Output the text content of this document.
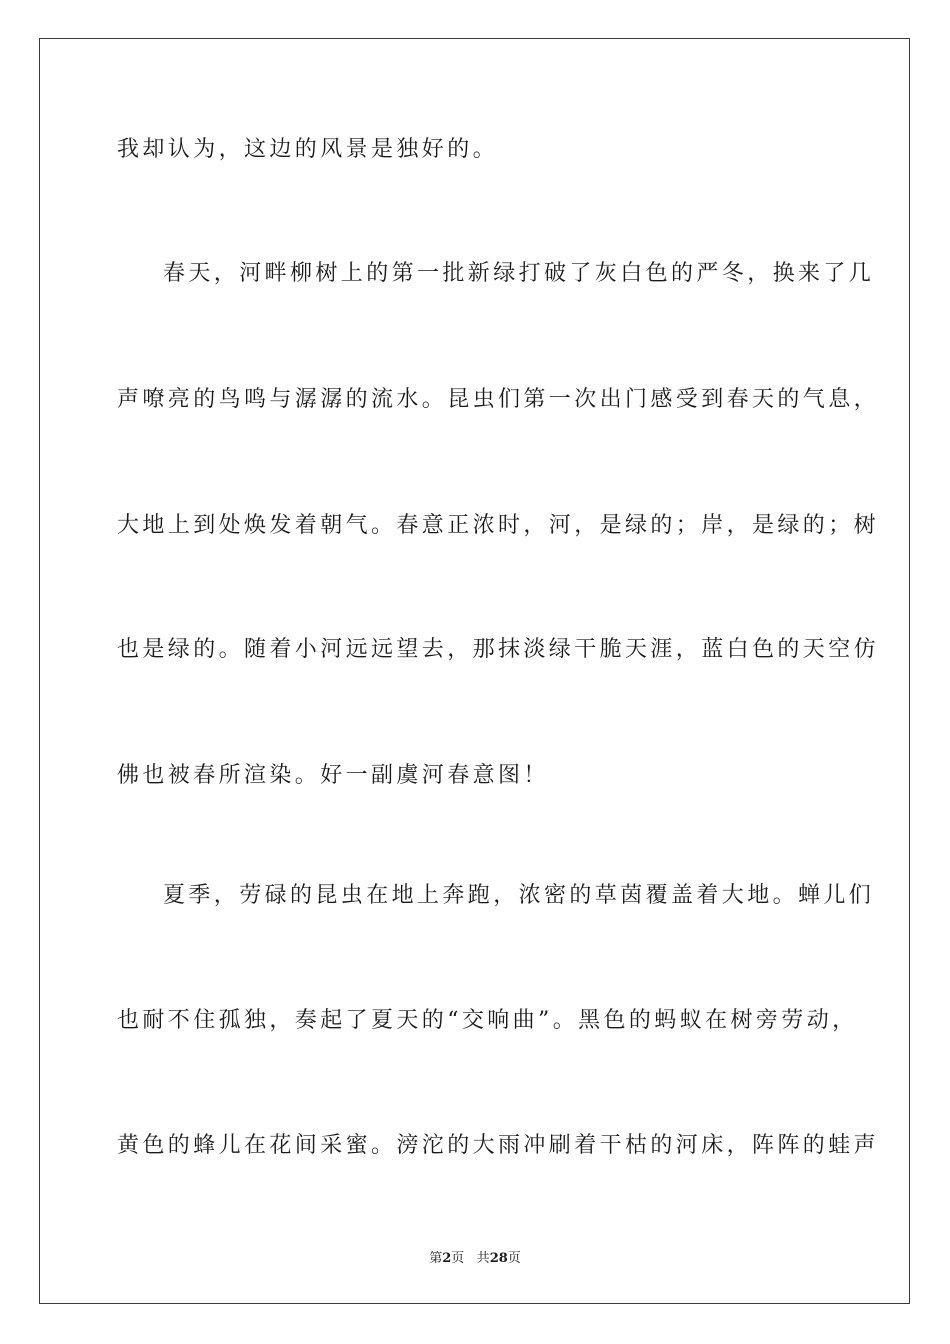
我却认为，这边的风景是独好的。
春天，河畔柳树上的第一批新绿打破了灰白色的严冬，换来了几
声嘹亮的鸟鸣与潺潺的流水。昆虫们第一次出门感受到春天的气息，
大地上到处焕发着朝气。春意正浓时，河，是绿的；岸，是绿的；树
也是绿的。随着小河远远望去，那抹淡绿干脆天涯，蓝白色的天空仿
佛也被春所渲染。好一副虞河春意图！
夏季，劳碌的昆虫在地上奔跑，浓密的草茵覆盖着大地。蝉儿们
也耐不住孤独，奏起了夏天的“交响曲”。黑色的蚂蚁在树旁劳动，
黄色的蜂儿在花间采蜜。滂沱的大雨冲刷着干枯的河床，阵阵的蛙声
第2页 共28页
